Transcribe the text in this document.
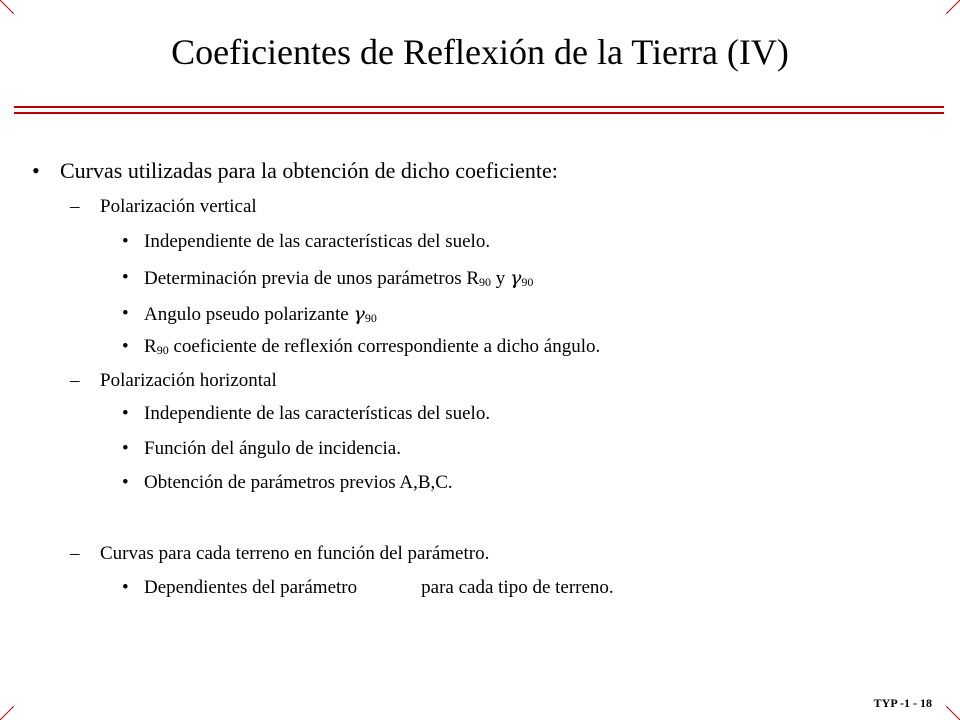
Coeficientes de Reflexión de la Tierra (IV)
• Curvas utilizadas para la obtención de dicho coeficiente:
– Polarización vertical
• Independiente de las características del suelo.
• Determinación previa de unos parámetros $R_{90}$ y $\gamma_{90}$
• Angulo pseudo polarizante $\gamma_{90}$
• $R_{90}$ coeficiente de reflexión correspondiente a dicho ángulo.
– Polarización horizontal
• Independiente de las características del suelo.
• Función del ángulo de incidencia.
• Obtención de parámetros previos A,B,C.
– Curvas para cada terreno en función del parámetro.
• Dependientes del parámetro	para cada tipo de terreno.
TYP -1 - 18
